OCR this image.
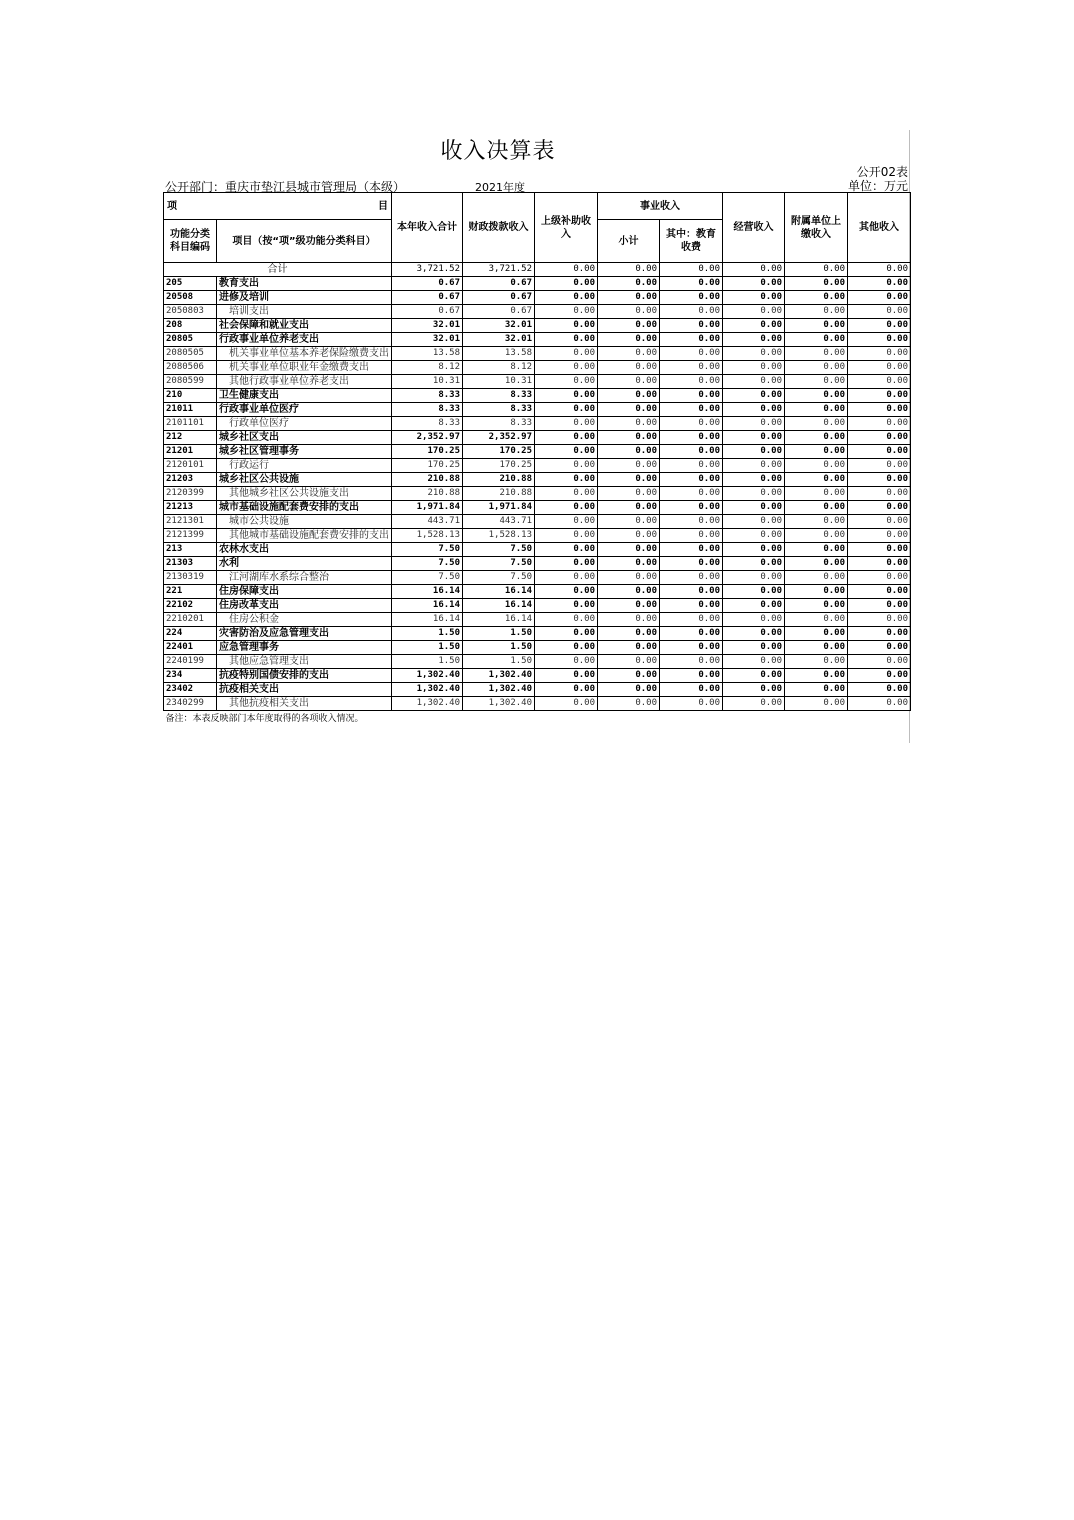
收入决算表
公开02表
单位：万元
公开部门：重庆市垫江县城市管理局（本级）	2021年度
项 目		本年收入合计	财政拨款收入	上级补助收入	事业收入		经营收入	附属单位上缴收入	其他收入
功能分类科目编码	项目（按“项”级功能分类科目）				小计	其中：教育收费			

合计		3,721.52	3,721.52	0.00	0.00	0.00	0.00	0.00	0.00
205	教育支出	0.67	0.67	0.00	0.00	0.00	0.00	0.00	0.00
20508	进修及培训	0.67	0.67	0.00	0.00	0.00	0.00	0.00	0.00
2050803	培训支出	0.67	0.67	0.00	0.00	0.00	0.00	0.00	0.00
208	社会保障和就业支出	32.01	32.01	0.00	0.00	0.00	0.00	0.00	0.00
20805	行政事业单位养老支出	32.01	32.01	0.00	0.00	0.00	0.00	0.00	0.00
2080505	机关事业单位基本养老保险缴费支出	13.58	13.58	0.00	0.00	0.00	0.00	0.00	0.00
2080506	机关事业单位职业年金缴费支出	8.12	8.12	0.00	0.00	0.00	0.00	0.00	0.00
2080599	其他行政事业单位养老支出	10.31	10.31	0.00	0.00	0.00	0.00	0.00	0.00
210	卫生健康支出	8.33	8.33	0.00	0.00	0.00	0.00	0.00	0.00
21011	行政事业单位医疗	8.33	8.33	0.00	0.00	0.00	0.00	0.00	0.00
2101101	行政单位医疗	8.33	8.33	0.00	0.00	0.00	0.00	0.00	0.00
212	城乡社区支出	2,352.97	2,352.97	0.00	0.00	0.00	0.00	0.00	0.00
21201	城乡社区管理事务	170.25	170.25	0.00	0.00	0.00	0.00	0.00	0.00
2120101	行政运行	170.25	170.25	0.00	0.00	0.00	0.00	0.00	0.00
21203	城乡社区公共设施	210.88	210.88	0.00	0.00	0.00	0.00	0.00	0.00
2120399	其他城乡社区公共设施支出	210.88	210.88	0.00	0.00	0.00	0.00	0.00	0.00
21213	城市基础设施配套费安排的支出	1,971.84	1,971.84	0.00	0.00	0.00	0.00	0.00	0.00
2121301	城市公共设施	443.71	443.71	0.00	0.00	0.00	0.00	0.00	0.00
2121399	其他城市基础设施配套费安排的支出	1,528.13	1,528.13	0.00	0.00	0.00	0.00	0.00	0.00
213	农林水支出	7.50	7.50	0.00	0.00	0.00	0.00	0.00	0.00
21303	水利	7.50	7.50	0.00	0.00	0.00	0.00	0.00	0.00
2130319	江河湖库水系综合整治	7.50	7.50	0.00	0.00	0.00	0.00	0.00	0.00
221	住房保障支出	16.14	16.14	0.00	0.00	0.00	0.00	0.00	0.00
22102	住房改革支出	16.14	16.14	0.00	0.00	0.00	0.00	0.00	0.00
2210201	住房公积金	16.14	16.14	0.00	0.00	0.00	0.00	0.00	0.00
224	灾害防治及应急管理支出	1.50	1.50	0.00	0.00	0.00	0.00	0.00	0.00
22401	应急管理事务	1.50	1.50	0.00	0.00	0.00	0.00	0.00	0.00
2240199	其他应急管理支出	1.50	1.50	0.00	0.00	0.00	0.00	0.00	0.00
234	抗疫特别国债安排的支出	1,302.40	1,302.40	0.00	0.00	0.00	0.00	0.00	0.00
23402	抗疫相关支出	1,302.40	1,302.40	0.00	0.00	0.00	0.00	0.00	0.00
2340299	其他抗疫相关支出	1,302.40	1,302.40	0.00	0.00	0.00	0.00	0.00	0.00
备注：本表反映部门本年度取得的各项收入情况。									
